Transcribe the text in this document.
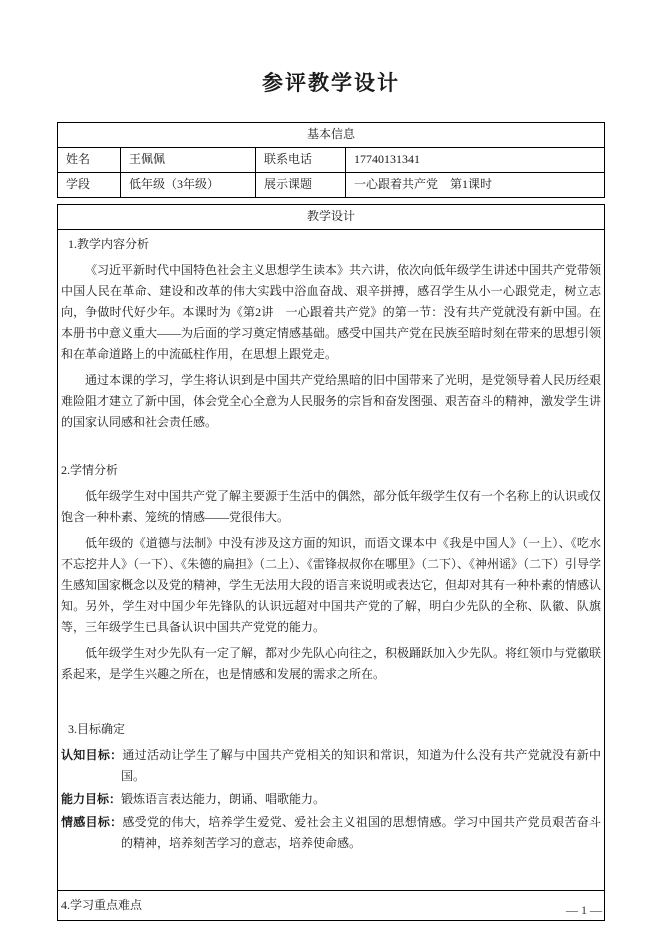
参评教学设计
基本信息			
姓名	王佩佩	联系电话	17740131341
学段	低年级（3年级）	展示课题	一心跟着共产党　第1课时
教学设计

1.教学内容分析

《习近平新时代中国特色社会主义思想学生读本》共六讲，依次向低年级学生讲述中国共产党带领中国人民在革命、建设和改革的伟大实践中浴血奋战、艰辛拼搏，感召学生从小一心跟党走，树立志向，争做时代好少年。本课时为《第2讲　一心跟着共产党》的第一节：没有共产党就没有新中国。在本册书中意义重大——为后面的学习奠定情感基础。感受中国共产党在民族至暗时刻在带来的思想引领和在革命道路上的中流砥柱作用，在思想上跟党走。

通过本课的学习，学生将认识到是中国共产党给黑暗的旧中国带来了光明，是党领导着人民历经艰难险阻才建立了新中国，体会党全心全意为人民服务的宗旨和奋发图强、艰苦奋斗的精神，激发学生讲的国家认同感和社会责任感。

2.学情分析

低年级学生对中国共产党了解主要源于生活中的偶然，部分低年级学生仅有一个名称上的认识或仅饱含一种朴素、笼统的情感——党很伟大。

低年级的《道德与法制》中没有涉及这方面的知识，而语文课本中《我是中国人》（一上）、《吃水不忘挖井人》（一下）、《朱德的扁担》（二上）、《雷锋叔叔你在哪里》（二下）、《神州谣》（二下）引导学生感知国家概念以及党的精神，学生无法用大段的语言来说明或表达它，但却对其有一种朴素的情感认知。另外，学生对中国少年先锋队的认识远超对中国共产党的了解，明白少先队的全称、队徽、队旗等，三年级学生已具备认识中国共产党党的能力。

低年级学生对少先队有一定了解，都对少先队心向往之，积极踊跃加入少先队。将红领巾与党徽联系起来，是学生兴趣之所在，也是情感和发展的需求之所在。

3.目标确定

认知目标：通过活动让学生了解与中国共产党相关的知识和常识，知道为什么没有共产党就没有新中国。

能力目标：锻炼语言表达能力，朗诵、唱歌能力。

情感目标：感受党的伟大，培养学生爱党、爱社会主义祖国的思想情感。学习中国共产党员艰苦奋斗的精神，培养刻苦学习的意志，培养使命感。

4.学习重点难点	— 1 —
